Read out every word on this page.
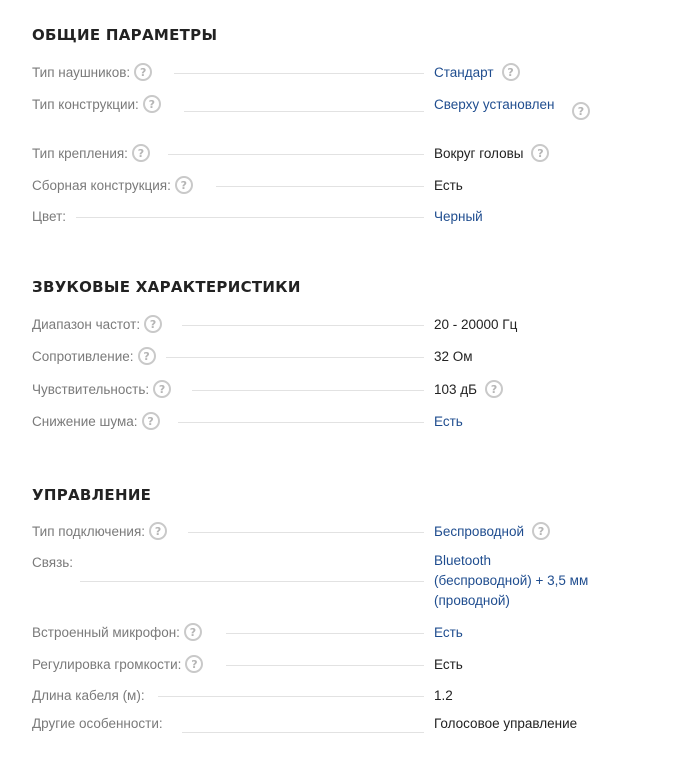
ОБЩИЕ ПАРАМЕТРЫ
Тип наушников: ?	Стандарт	?
Тип конструкции: ?	Сверху установлен	?
Тип крепления: ?	Вокруг головы	?
Сборная конструкция: ?	Есть
Цвет:	Черный
ЗВУКОВЫЕ ХАРАКТЕРИСТИКИ
Диапазон частот: ?	20 - 20000 Гц
Сопротивление: ?	32 Ом
Чувствительность: ?	103 дБ	?
Снижение шума: ?	Есть
УПРАВЛЕНИЕ
Тип подключения: ?	Беспроводной	?
Связь:	Bluetooth (беспроводной) + 3,5 мм (проводной)
Встроенный микрофон: ?	Есть
Регулировка громкости: ?	Есть
Длина кабеля (м):	1.2
Другие особенности:	Голосовое управление
